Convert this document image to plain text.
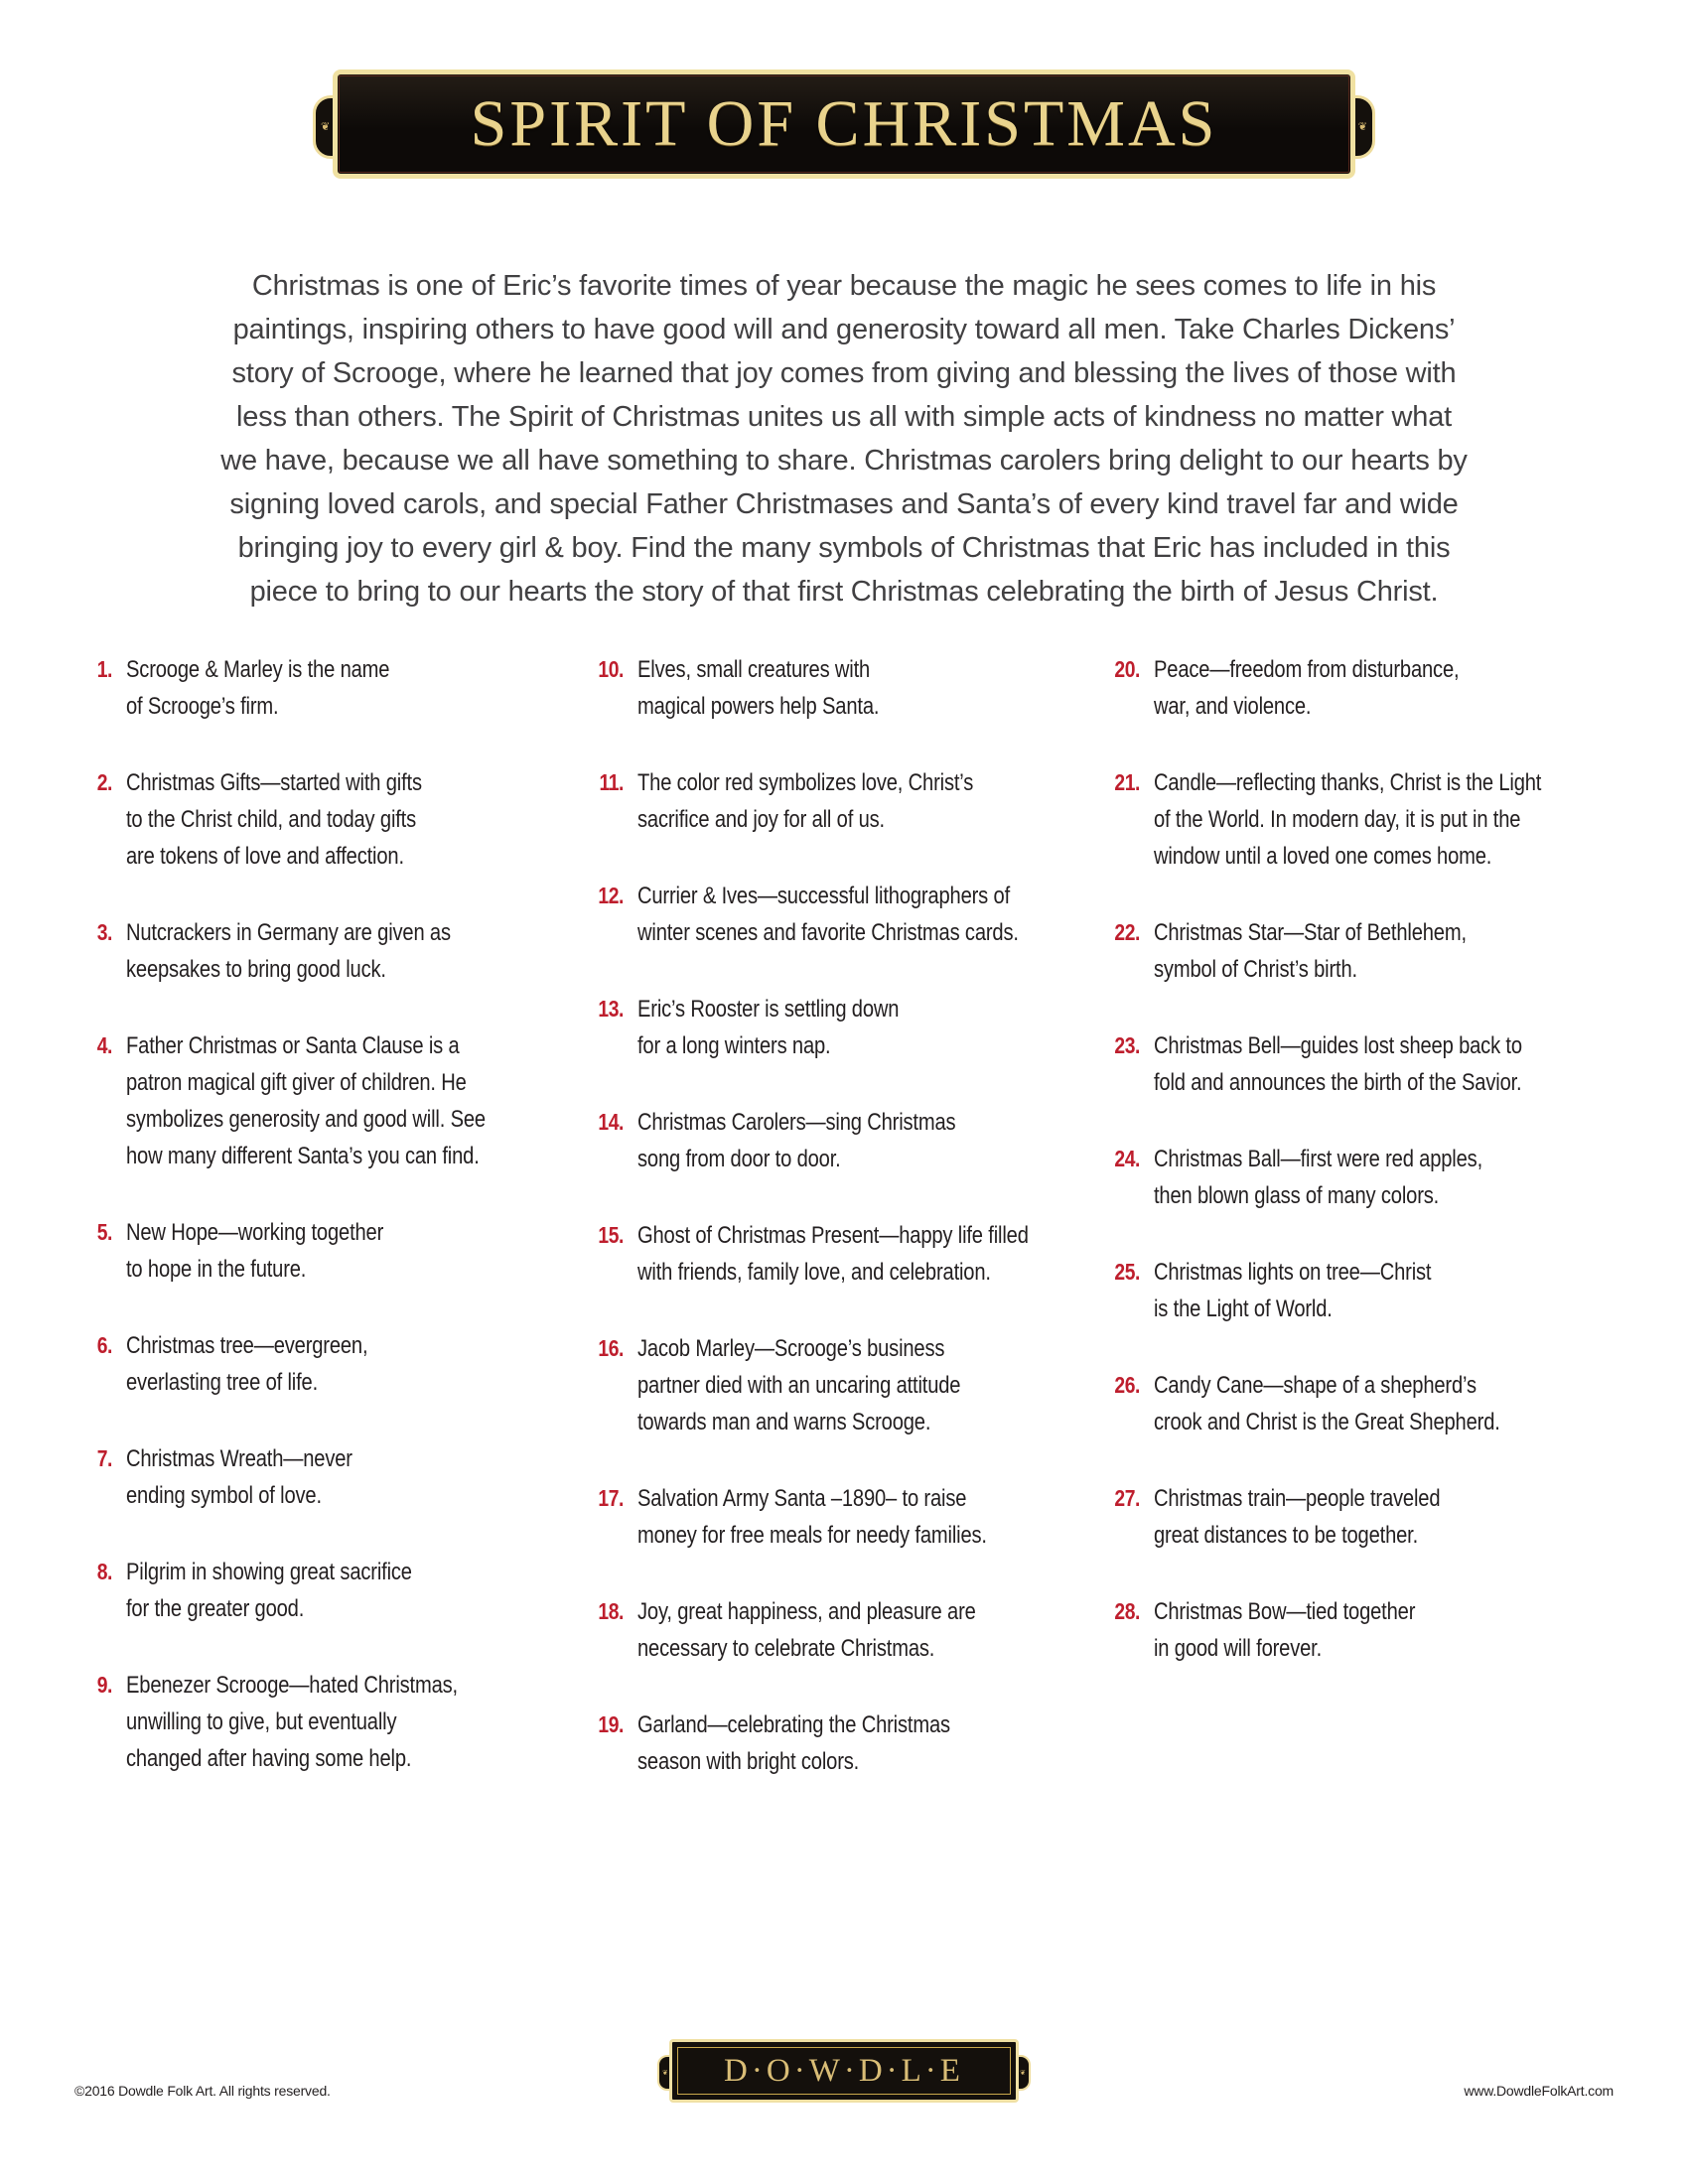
❦	❦
SPIRIT OF CHRISTMAS
Christmas is one of Eric’s favorite times of year because the magic he sees comes to life in his
paintings, inspiring others to have good will and generosity toward all men. Take Charles Dickens’
story of Scrooge, where he learned that joy comes from giving and blessing the lives of those with
less than others. The Spirit of Christmas unites us all with simple acts of kindness no matter what
we have, because we all have something to share. Christmas carolers bring delight to our hearts by
signing loved carols, and special Father Christmases and Santa’s of every kind travel far and wide
bringing joy to every girl & boy. Find the many symbols of Christmas that Eric has included in this
piece to bring to our hearts the story of that first Christmas celebrating the birth of Jesus Christ.
1. Scrooge & Marley is the name
of Scrooge’s firm.
2. Christmas Gifts—started with gifts
to the Christ child, and today gifts
are tokens of love and affection.
3. Nutcrackers in Germany are given as
keepsakes to bring good luck.
4. Father Christmas or Santa Clause is a
patron magical gift giver of children. He
symbolizes generosity and good will. See
how many different Santa’s you can find.
5. New Hope—working together
to hope in the future.
6. Christmas tree—evergreen,
everlasting tree of life.
7. Christmas Wreath—never
ending symbol of love.
8. Pilgrim in showing great sacrifice
for the greater good.
9. Ebenezer Scrooge—hated Christmas,
unwilling to give, but eventually
changed after having some help.
10. Elves, small creatures with
magical powers help Santa.
11. The color red symbolizes love, Christ’s
sacrifice and joy for all of us.
12. Currier & Ives—successful lithographers of
winter scenes and favorite Christmas cards.
13. Eric’s Rooster is settling down
for a long winters nap.
14. Christmas Carolers—sing Christmas
song from door to door.
15. Ghost of Christmas Present—happy life filled
with friends, family love, and celebration.
16. Jacob Marley—Scrooge’s business
partner died with an uncaring attitude
towards man and warns Scrooge.
17. Salvation Army Santa –1890– to raise
money for free meals for needy families.
18. Joy, great happiness, and pleasure are
necessary to celebrate Christmas.
19. Garland—celebrating the Christmas
season with bright colors.
20. Peace—freedom from disturbance,
war, and violence.
21. Candle—reflecting thanks, Christ is the Light
of the World. In modern day, it is put in the
window until a loved one comes home.
22. Christmas Star—Star of Bethlehem,
symbol of Christ’s birth.
23. Christmas Bell—guides lost sheep back to
fold and announces the birth of the Savior.
24. Christmas Ball—first were red apples,
then blown glass of many colors.
25. Christmas lights on tree—Christ
is the Light of World.
26. Candy Cane—shape of a shepherd’s
crook and Christ is the Great Shepherd.
27. Christmas train—people traveled
great distances to be together.
28. Christmas Bow—tied together
in good will forever.
❦	❦
D·O·W·D·L·E
©2016 Dowdle Folk Art. All rights reserved.	www.DowdleFolkArt.com
